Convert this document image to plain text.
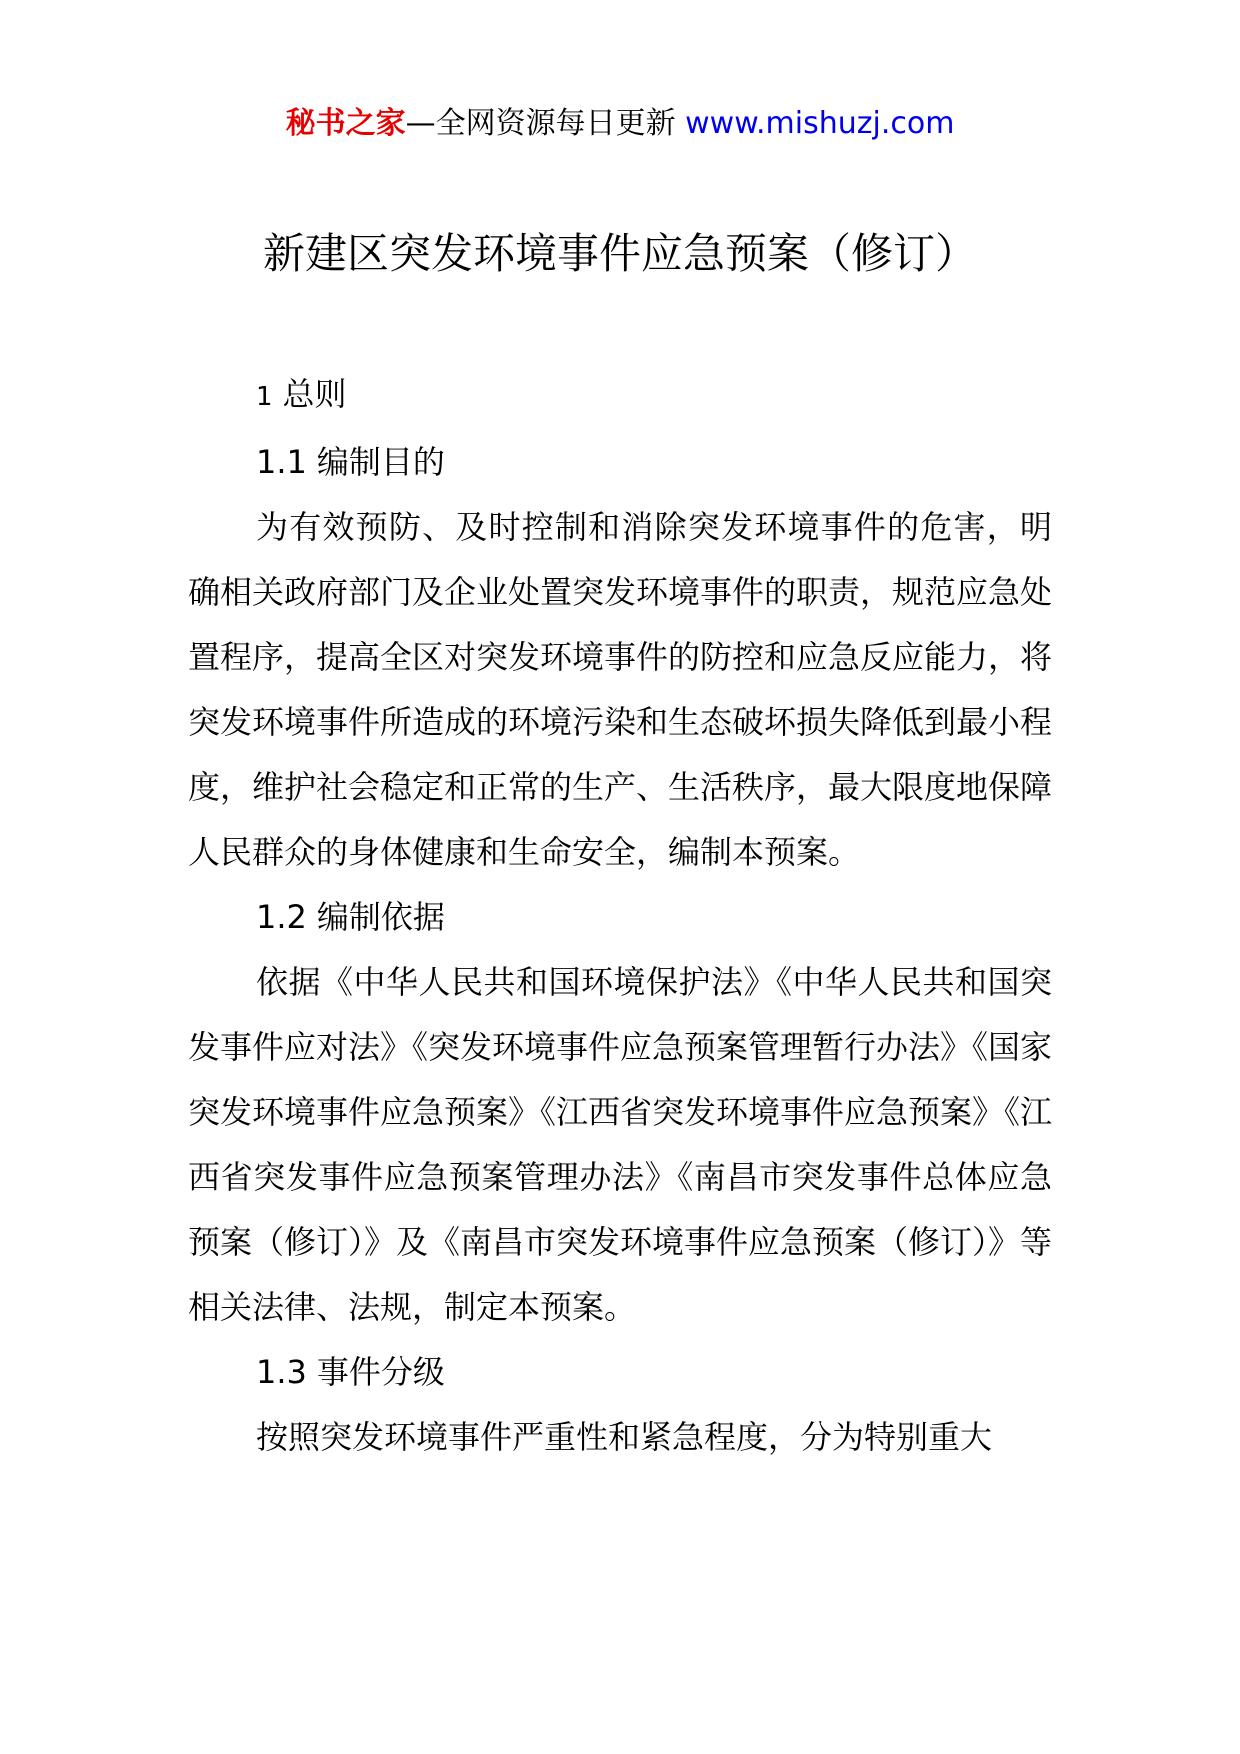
秘书之家—全网资源每日更新 www.mishuzj.com
新建区突发环境事件应急预案（修订）

1 总则

1.1 编制目的

为有效预防、及时控制和消除突发环境事件的危害，明确相关政府部门及企业处置突发环境事件的职责，规范应急处置程序，提高全区对突发环境事件的防控和应急反应能力，将突发环境事件所造成的环境污染和生态破坏损失降低到最小程度，维护社会稳定和正常的生产、生活秩序，最大限度地保障人民群众的身体健康和生命安全，编制本预案。

1.2 编制依据

依据《中华人民共和国环境保护法》《中华人民共和国突发事件应对法》《突发环境事件应急预案管理暂行办法》《国家突发环境事件应急预案》《江西省突发环境事件应急预案》《江西省突发事件应急预案管理办法》《南昌市突发事件总体应急预案（修订）》及《南昌市突发环境事件应急预案（修订）》等相关法律、法规，制定本预案。

1.3 事件分级

按照突发环境事件严重性和紧急程度，分为特别重大
